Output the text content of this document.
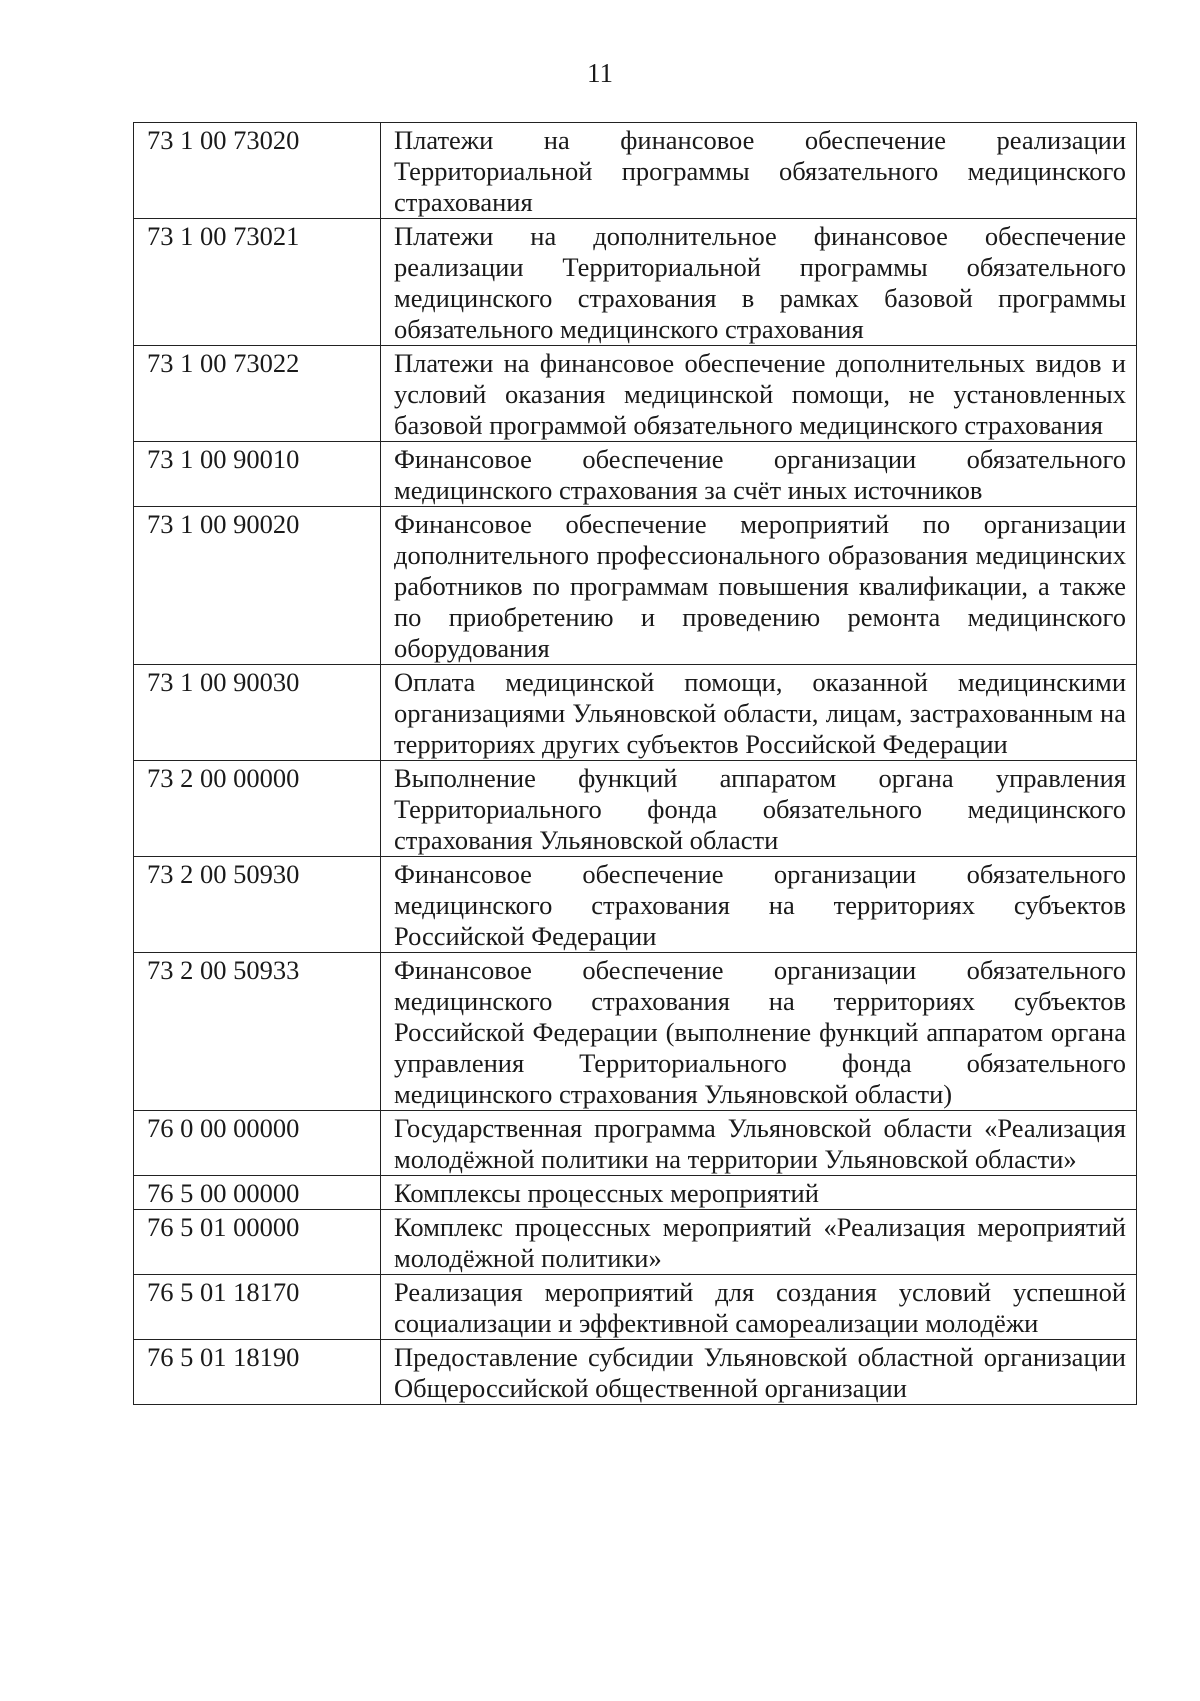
11
73 1 00 73020	Платежи на финансовое обеспечение реализации Территориальной программы обязательного медицинского страхования
73 1 00 73021	Платежи на дополнительное финансовое обеспечение реализации Территориальной программы обязательного медицинского страхования в рамках базовой программы обязательного медицинского страхования
73 1 00 73022	Платежи на финансовое обеспечение дополнительных видов и условий оказания медицинской помощи, не установленных базовой программой обязательного медицинского страхования
73 1 00 90010	Финансовое обеспечение организации обязательного медицинского страхования за счёт иных источников
73 1 00 90020	Финансовое обеспечение мероприятий по организации дополнительного профессионального образования медицинских работников по программам повышения квалификации, а также по приобретению и проведению ремонта медицинского оборудования
73 1 00 90030	Оплата медицинской помощи, оказанной медицинскими организациями Ульяновской области, лицам, застрахованным на территориях других субъектов Российской Федерации
73 2 00 00000	Выполнение функций аппаратом органа управления Территориального фонда обязательного медицинского страхования Ульяновской области
73 2 00 50930	Финансовое обеспечение организации обязательного медицинского страхования на территориях субъектов Российской Федерации
73 2 00 50933	Финансовое обеспечение организации обязательного медицинского страхования на территориях субъектов Российской Федерации (выполнение функций аппаратом органа управления Территориального фонда обязательного медицинского страхования Ульяновской области)
76 0 00 00000	Государственная программа Ульяновской области «Реализация молодёжной политики на территории Ульяновской области»
76 5 00 00000	Комплексы процессных мероприятий
76 5 01 00000	Комплекс процессных мероприятий «Реализация мероприятий молодёжной политики»
76 5 01 18170	Реализация мероприятий для создания условий успешной социализации и эффективной самореализации молодёжи
76 5 01 18190	Предоставление субсидии Ульяновской областной организации Общероссийской общественной организации
